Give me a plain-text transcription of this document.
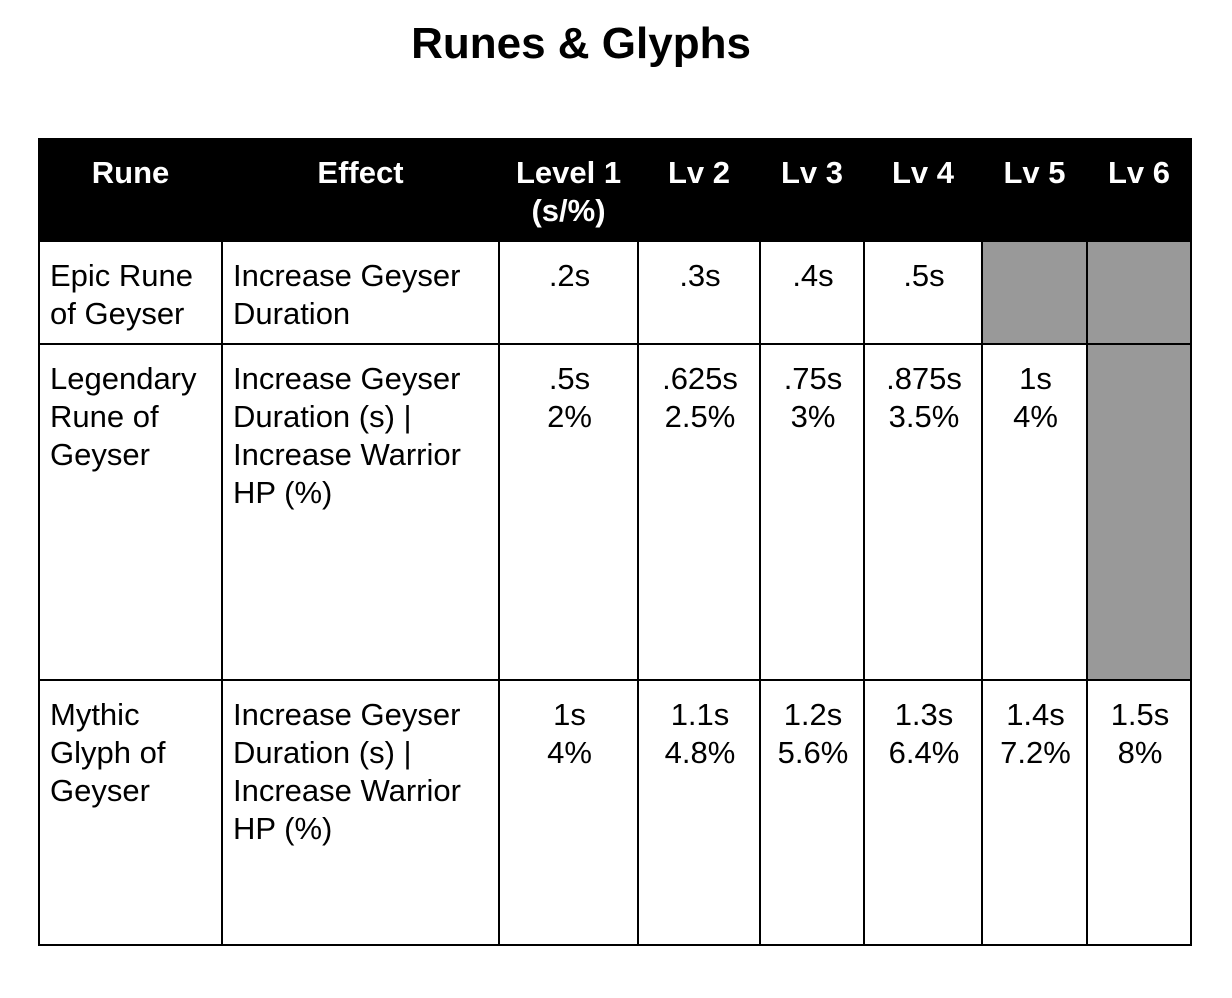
Runes & Glyphs
Rune	Effect	Level 1
(s/%)	Lv 2	Lv 3	Lv 4	Lv 5	Lv 6

Epic Rune
of Geyser	Increase Geyser
Duration	.2s	.3s	.4s	.5s		

Legendary
Rune of
Geyser	Increase Geyser
Duration (s) |
Increase Warrior
HP (%)	.5s
2%	.625s
2.5%	.75s
3%	.875s
3.5%	1s
4%	

Mythic
Glyph of
Geyser	Increase Geyser
Duration (s) |
Increase Warrior
HP (%)	1s
4%	1.1s
4.8%	1.2s
5.6%	1.3s
6.4%	1.4s
7.2%	1.5s
8%
